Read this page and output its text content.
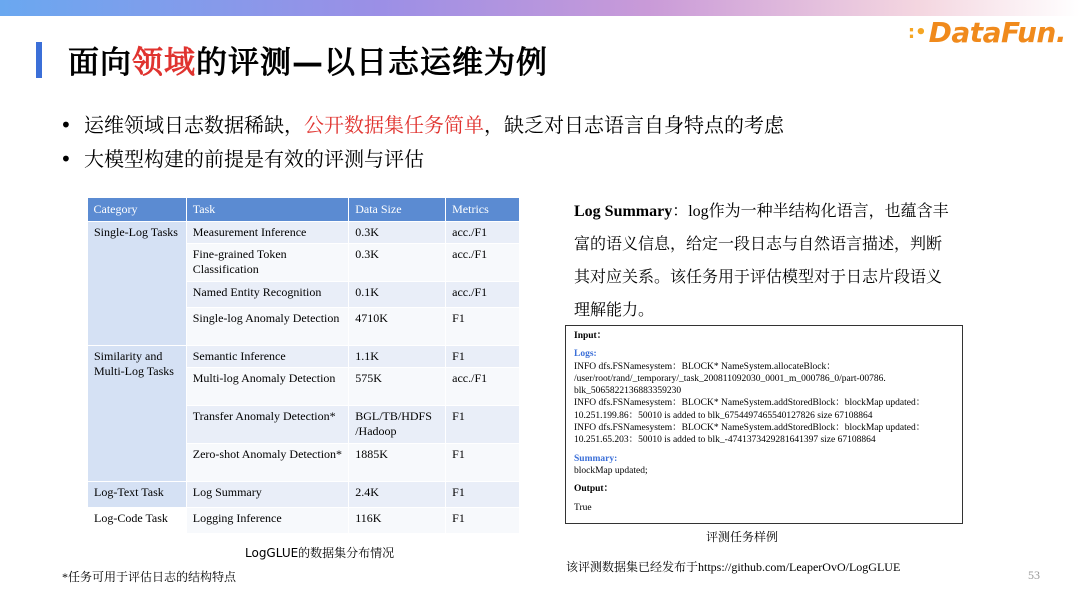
:• DataFun.
面向领域的评测—以日志运维为例
• 运维领域日志数据稀缺，公开数据集任务简单，缺乏对日志语言自身特点的考虑
• 大模型构建的前提是有效的评测与评估
Category	Task	Data Size	Metrics
Single-Log Tasks	Measurement Inference	0.3K	acc./F1
	Fine-grained Token Classification	0.3K	acc./F1
	Named Entity Recognition	0.1K	acc./F1
	Single-log Anomaly Detection	4710K	F1
Similarity and Multi-Log Tasks	Semantic Inference	1.1K	F1
	Multi-log Anomaly Detection	575K	acc./F1
	Transfer Anomaly Detection*	BGL/TB/HDFS /Hadoop	F1
	Zero-shot Anomaly Detection*	1885K	F1
Log-Text Task	Log Summary	2.4K	F1
Log-Code Task	Logging Inference	116K	F1
LogGLUE的数据集分布情况
*任务可用于评估日志的结构特点
Log Summary：log作为一种半结构化语言，也蕴含丰富的语义信息，给定一段日志与自然语言描述，判断其对应关系。该任务用于评估模型对于日志片段语义理解能力。
Input：
Logs:
INFO dfs.FSNamesystem：BLOCK* NameSystem.allocateBlock：
/user/root/rand/_temporary/_task_200811092030_0001_m_000786_0/part-00786.
blk_5065822136883359230
INFO dfs.FSNamesystem：BLOCK* NameSystem.addStoredBlock：blockMap updated：
10.251.199.86：50010 is added to blk_6754497465540127826 size 67108864
INFO dfs.FSNamesystem：BLOCK* NameSystem.addStoredBlock：blockMap updated：
10.251.65.203：50010 is added to blk_-4741373429281641397 size 67108864
Summary:
blockMap updated;
Output：
True
评测任务样例
该评测数据集已经发布于https://github.com/LeaperOvO/LogGLUE
53
